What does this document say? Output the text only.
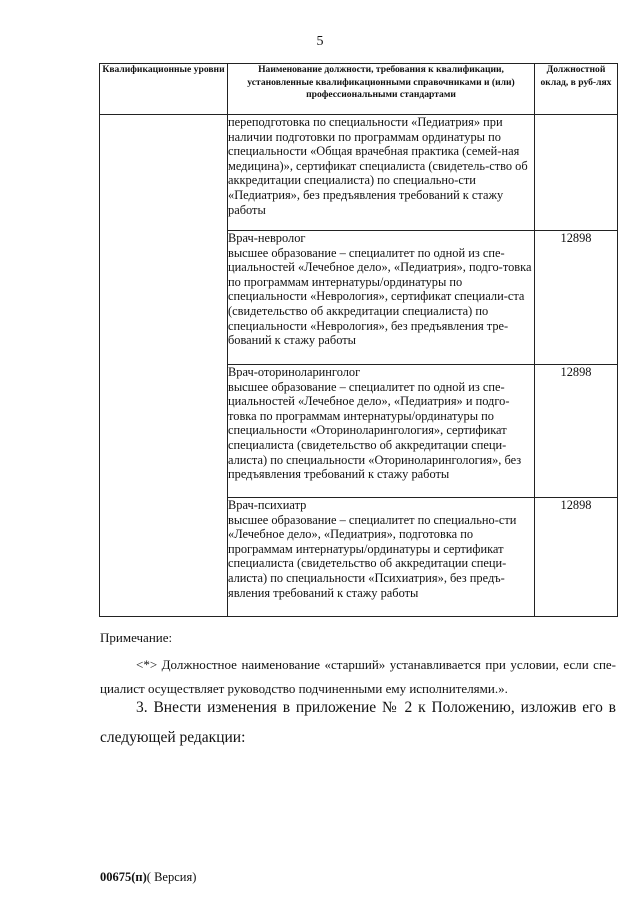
5
Квалификационные уровни	Наименование должности, требования к квалификации, установленные квалификационными справочниками и (или) профессиональными стандартами	Должностной оклад, в руб-лях
	переподготовка по специальности «Педиатрия» при наличии подготовки по программам ординатуры по специальности «Общая врачебная практика (семей-ная медицина)», сертификат специалиста (свидетель-ство об аккредитации специалиста) по специально-сти «Педиатрия», без предъявления требований к стажу работы	
	Врач-невролог
высшее образование – специалитет по одной из спе-циальностей «Лечебное дело», «Педиатрия», подго-товка по программам интернатуры/ординатуры по специальности «Неврология», сертификат специали-ста (свидетельство об аккредитации специалиста) по специальности «Неврология», без предъявления тре-бований к стажу работы	12898
	Врач-оториноларинголог
высшее образование – специалитет по одной из спе-циальностей «Лечебное дело», «Педиатрия» и подго-товка по программам интернатуры/ординатуры по специальности «Оториноларингология», сертификат специалиста (свидетельство об аккредитации специ-алиста) по специальности «Оториноларингология», без предъявления требований к стажу работы	12898
	Врач-психиатр
высшее образование – специалитет по специально-сти «Лечебное дело», «Педиатрия», подготовка по программам интернатуры/ординатуры и сертификат специалиста (свидетельство об аккредитации специ-алиста) по специальности «Психиатрия», без предъ-явления требований к стажу работы	12898
Примечание:
<*> Должностное наименование «старший» устанавливается при условии, если спе-циалист осуществляет руководство подчиненными ему исполнителями.».
3. Внести изменения в приложение № 2 к Положению, изложив его в следующей редакции:
00675(п)( Версия)
